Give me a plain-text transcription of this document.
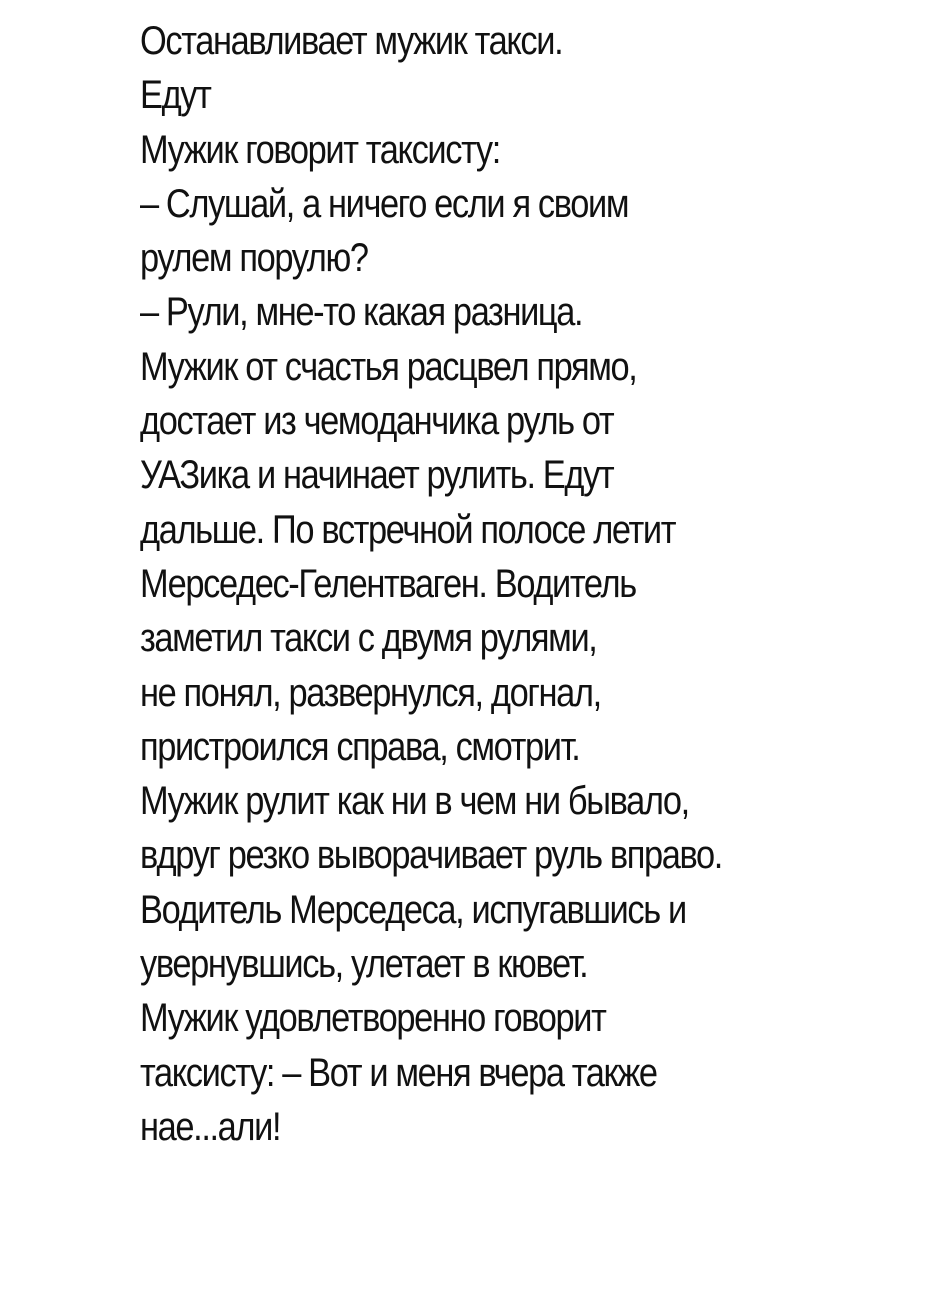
Останавливает мужик такси.
Едут
Мужик говорит таксисту:
– Слушай, а ничего если я своим
рулем порулю?
– Рули, мне-то какая разница.
Мужик от счастья расцвел прямо,
достает из чемоданчика руль от
УАЗика и начинает рулить. Едут
дальше. По встречной полосе летит
Мерседес-Гелентваген. Водитель
заметил такси с двумя рулями,
не понял, развернулся, догнал,
пристроился справа, смотрит.
Мужик рулит как ни в чем ни бывало,
вдруг резко выворачивает руль вправо.
Водитель Мерседеса, испугавшись и
увернувшись, улетает в кювет.
Мужик удовлетворенно говорит
таксисту: – Вот и меня вчера также
нае...али!
